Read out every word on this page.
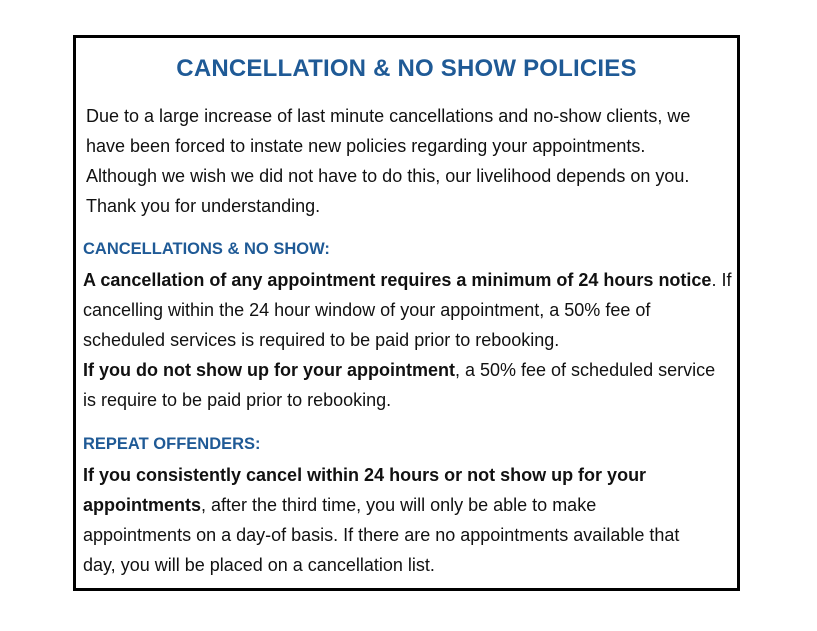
CANCELLATION & NO SHOW POLICIES

Due to a large increase of last minute cancellations and no-show clients, we
have been forced to instate new policies regarding your appointments.
Although we wish we did not have to do this, our livelihood depends on you.
Thank you for understanding.

CANCELLATIONS & NO SHOW:

A cancellation of any appointment requires a minimum of 24 hours notice. If
cancelling within the 24 hour window of your appointment, a 50% fee of
scheduled services is required to be paid prior to rebooking.
If you do not show up for your appointment, a 50% fee of scheduled service
is require to be paid prior to rebooking.

REPEAT OFFENDERS:

If you consistently cancel within 24 hours or not show up for your
appointments, after the third time, you will only be able to make
appointments on a day-of basis. If there are no appointments available that
day, you will be placed on a cancellation list.
